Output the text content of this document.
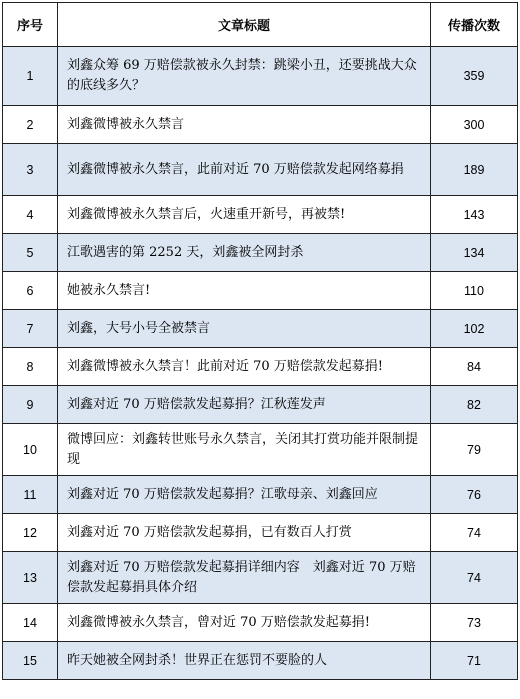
序号	文章标题	传播次数
1	刘鑫众筹 69 万赔偿款被永久封禁：跳梁小丑，还要挑战大众的底线多久？	359
2	刘鑫微博被永久禁言	300
3	刘鑫微博被永久禁言，此前对近 70 万赔偿款发起网络募捐	189
4	刘鑫微博被永久禁言后，火速重开新号，再被禁!	143
5	江歌遇害的第 2252 天，刘鑫被全网封杀	134
6	她被永久禁言!	110
7	刘鑫，大号小号全被禁言	102
8	刘鑫微博被永久禁言！此前对近 70 万赔偿款发起募捐!	84
9	刘鑫对近 70 万赔偿款发起募捐？江秋莲发声	82
10	微博回应：刘鑫转世账号永久禁言，关闭其打赏功能并限制提现	79
11	刘鑫对近 70 万赔偿款发起募捐？江歌母亲、刘鑫回应	76
12	刘鑫对近 70 万赔偿款发起募捐，已有数百人打赏	74
13	刘鑫对近 70 万赔偿款发起募捐详细内容　刘鑫对近 70 万赔偿款发起募捐具体介绍	74
14	刘鑫微博被永久禁言，曾对近 70 万赔偿款发起募捐!	73
15	昨天她被全网封杀！世界正在惩罚不要脸的人	71
